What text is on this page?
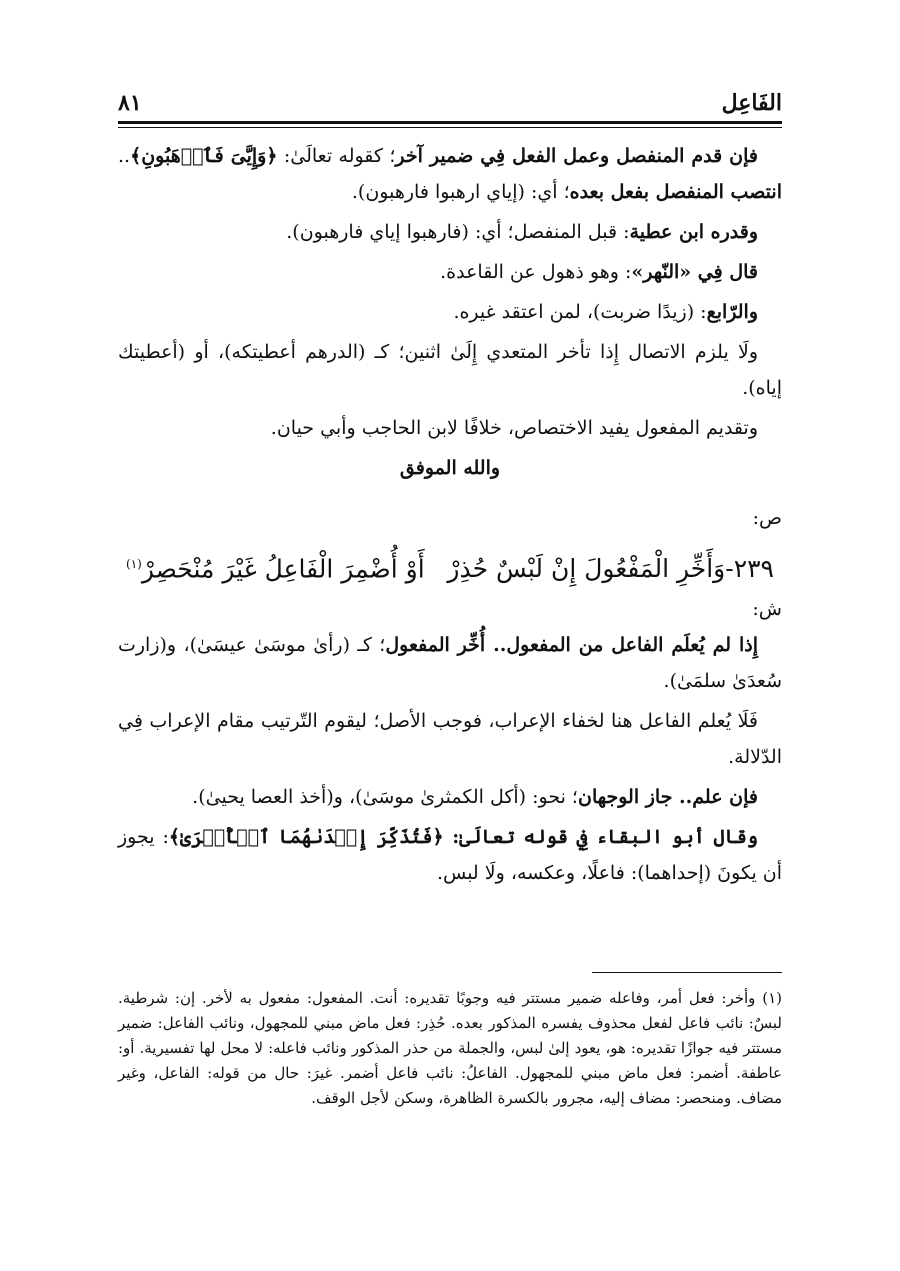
الفَاعِل
٨١

فإن قدم المنفصل وعمل الفعل فِي ضمير آخر؛ كقوله تعالَىٰ: ﴿وَإِيَّىَ فَٱرۡهَبُونِ﴾.. انتصب المنفصل بفعل بعده؛ أي: (إياي ارهبوا فارهبون).

وقدره ابن عطية: قبل المنفصل؛ أي: (فارهبوا إياي فارهبون).

قال فِي «النّهر»: وهو ذهول عن القاعدة.

والرّابع: (زيدًا ضربت)، لمن اعتقد غيره.

ولَا يلزم الاتصال إِذا تأخر المتعدي إِلَىٰ اثنين؛ كـ (الدرهم أعطيتكه)، أو (أعطيتك إياه).

وتقديم المفعول يفيد الاختصاص، خلافًا لابن الحاجب وأبي حيان.

والله الموفق

ص:

٢٣٩-وَأَخِّرِ الْمَفْعُولَ إِنْ لَبْسٌ حُذِرْ
أَوْ أُضْمِرَ الْفَاعِلُ غَيْرَ مُنْحَصِرْ$^{(١)}$

ش:

إِذا لم يُعلَم الفاعل من المفعول.. أُخِّر المفعول؛ كـ (رأىٰ موسَىٰ عيسَىٰ)، و(زارت سُعدَىٰ سلمَىٰ).

فَلَا يُعلم الفاعل هنا لخفاء الإعراب، فوجب الأصل؛ ليقوم التّرتيب مقام الإعراب فِي الدّلالة.

فإن علم.. جاز الوجهان؛ نحو: (أكل الكمثرىٰ موسَىٰ)، و(أخذ العصا يحيىٰ).

وقال أبو البقاء فِي قوله تعالَىٰ: ﴿فَتُذَكِّرَ إِحۡدَىٰهُمَا ٱلۡأُخۡرَىٰ﴾: يجوز أن يكونَ (إحداهما): فاعلًا، وعكسه، ولَا لبس.

(١) وأخر: فعل أمر، وفاعله ضمير مستتر فيه وجوبًا تقديره: أنت. المفعول: مفعول به لأخر. إن: شرطية. لبسٌ: نائب فاعل لفعل محذوف يفسره المذكور بعده. حُذِر: فعل ماض مبني للمجهول، ونائب الفاعل: ضمير مستتر فيه جوازًا تقديره: هو، يعود إلىٰ لبس، والجملة من حذر المذكور ونائب فاعله: لا محل لها تفسيرية. أو: عاطفة. أضمر: فعل ماض مبني للمجهول. الفاعلُ: نائب فاعل أضمر. غيرَ: حال من قوله: الفاعل، وغير مضاف. ومنحصر: مضاف إليه، مجرور بالكسرة الظاهرة، وسكن لأجل الوقف.
